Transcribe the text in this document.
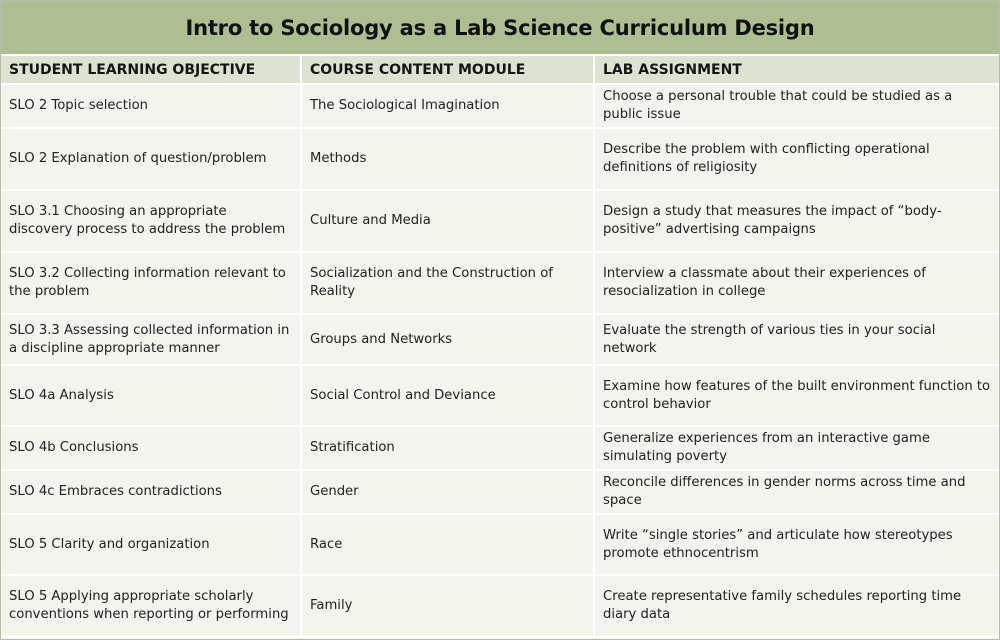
Intro to Sociology as a Lab Science Curriculum Design
STUDENT LEARNING OBJECTIVE	COURSE CONTENT MODULE	LAB ASSIGNMENT
SLO 2 Topic selection	The Sociological Imagination	Choose a personal trouble that could be studied as a public issue
SLO 2 Explanation of question/problem	Methods	Describe the problem with conflicting operational definitions of religiosity
SLO 3.1 Choosing an appropriate discovery process to address the problem	Culture and Media	Design a study that measures the impact of “body-positive” advertising campaigns
SLO 3.2 Collecting information relevant to the problem	Socialization and the Construction of Reality	Interview a classmate about their experiences of resocialization in college
SLO 3.3 Assessing collected information in a discipline appropriate manner	Groups and Networks	Evaluate the strength of various ties in your social network
SLO 4a Analysis	Social Control and Deviance	Examine how features of the built environment function to control behavior
SLO 4b Conclusions	Stratification	Generalize experiences from an interactive game simulating poverty
SLO 4c Embraces contradictions	Gender	Reconcile differences in gender norms across time and space
SLO 5 Clarity and organization	Race	Write “single stories” and articulate how stereotypes promote ethnocentrism
SLO 5 Applying appropriate scholarly conventions when reporting or performing	Family	Create representative family schedules reporting time diary data
